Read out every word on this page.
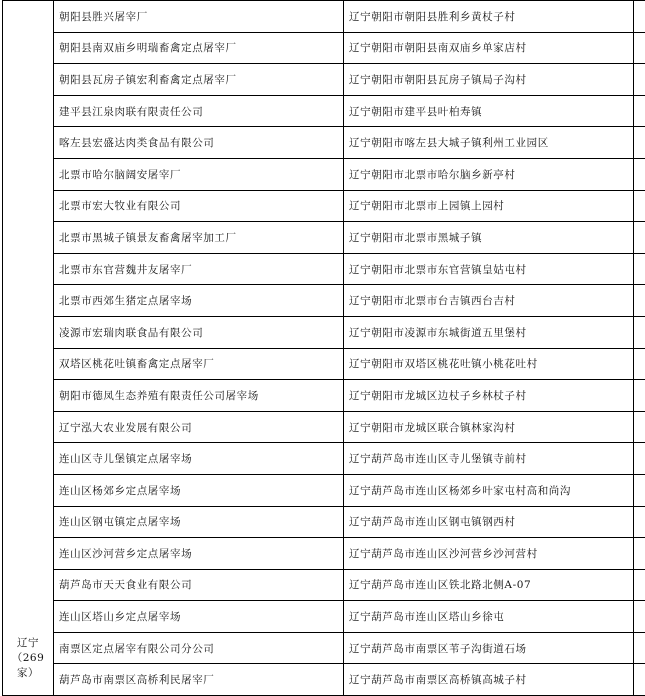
辽宁
（269
家）	朝阳县胜兴屠宰厂	辽宁朝阳市朝阳县胜利乡黄杖子村	
	朝阳县南双庙乡明瑞畜禽定点屠宰厂	辽宁朝阳市朝阳县南双庙乡单家店村	
	朝阳县瓦房子镇宏利畜禽定点屠宰厂	辽宁朝阳市朝阳县瓦房子镇局子沟村	
	建平县江泉肉联有限责任公司	辽宁朝阳市建平县叶柏寿镇	
	喀左县宏盛达肉类食品有限公司	辽宁朝阳市喀左县大城子镇利州工业园区	
	北票市哈尔脑阔安屠宰厂	辽宁朝阳市北票市哈尔脑乡新亭村	
	北票市宏大牧业有限公司	辽宁朝阳市北票市上园镇上园村	
	北票市黑城子镇景友畜禽屠宰加工厂	辽宁朝阳市北票市黑城子镇	
	北票市东官营魏井友屠宰厂	辽宁朝阳市北票市东官营镇皇姑屯村	
	北票市西郊生猪定点屠宰场	辽宁朝阳市北票市台吉镇西台吉村	
	凌源市宏瑞肉联食品有限公司	辽宁朝阳市凌源市东城街道五里堡村	
	双塔区桃花吐镇畜禽定点屠宰厂	辽宁朝阳市双塔区桃花吐镇小桃花吐村	
	朝阳市德凤生态养殖有限责任公司屠宰场	辽宁朝阳市龙城区边杖子乡林杖子村	
	辽宁泓大农业发展有限公司	辽宁朝阳市龙城区联合镇林家沟村	
	连山区寺儿堡镇定点屠宰场	辽宁葫芦岛市连山区寺儿堡镇寺前村	
	连山区杨郊乡定点屠宰场	辽宁葫芦岛市连山区杨郊乡叶家屯村高和尚沟	
	连山区钢屯镇定点屠宰场	辽宁葫芦岛市连山区钢屯镇钢西村	
	连山区沙河营乡定点屠宰场	辽宁葫芦岛市连山区沙河营乡沙河营村	
	葫芦岛市天天食业有限公司	辽宁葫芦岛市连山区铁北路北侧A-07	
	连山区塔山乡定点屠宰场	辽宁葫芦岛市连山区塔山乡徐屯	
	南票区定点屠宰有限公司分公司	辽宁葫芦岛市南票区苇子沟街道石场	
	葫芦岛市南票区高桥利民屠宰厂	辽宁葫芦岛市南票区高桥镇高城子村	
